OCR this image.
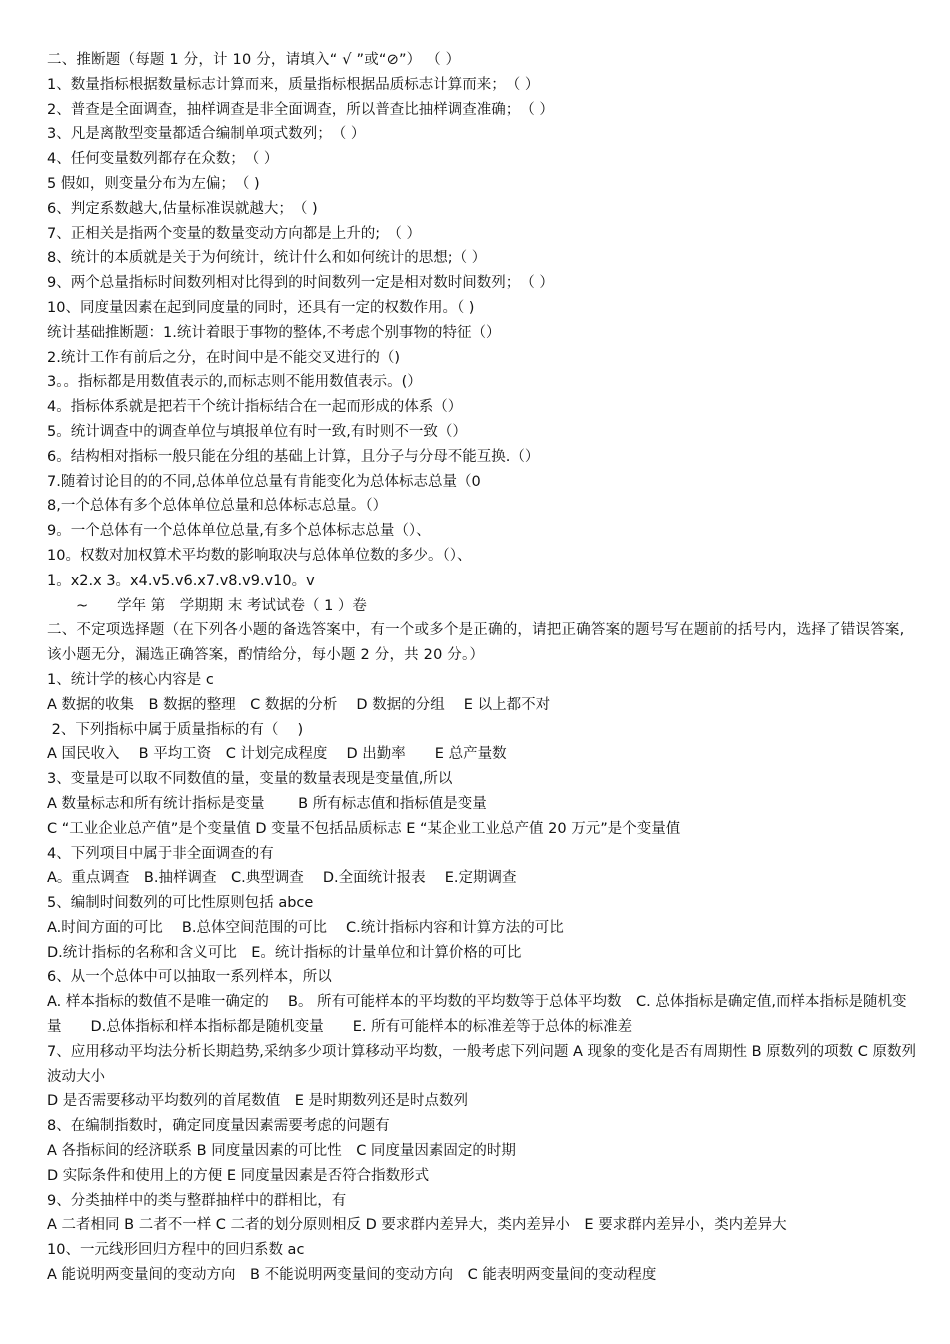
二、推断题（每题 1 分，计 10 分，请填入“ √ ”或“⊘”） （ ）
1、数量指标根据数量标志计算而来，质量指标根据品质标志计算而来；　（ ）
2、普查是全面调查，抽样调查是非全面调查，所以普查比抽样调查准确；　（ ）
3、凡是离散型变量都适合编制单项式数列；　（ ）
4、任何变量数列都存在众数；　（ ）
5 假如，则变量分布为左偏；　（ )
6、判定系数越大,估量标准误就越大；　（ )
7、正相关是指两个变量的数量变动方向都是上升的;　（ ）
8、统计的本质就是关于为何统计，统计什么和如何统计的思想;（ ）
9、两个总量指标时间数列相对比得到的时间数列一定是相对数时间数列；　（ ）
10、同度量因素在起到同度量的同时，还具有一定的权数作用。（ )
统计基础推断题：1.统计着眼于事物的整体,不考虑个别事物的特征（）
2.统计工作有前后之分，在时间中是不能交叉进行的（)
3。。指标都是用数值表示的,而标志则不能用数值表示。(）
4。指标体系就是把若干个统计指标结合在一起而形成的体系（）
5。统计调查中的调查单位与填报单位有时一致,有时则不一致（）
6。结构相对指标一般只能在分组的基础上计算，且分子与分母不能互换.（）
7.随着讨论目的的不同,总体单位总量有肯能变化为总体标志总量（0
8,一个总体有多个总体单位总量和总体标志总量。（）
9。一个总体有一个总体单位总量,有多个总体标志总量（）、
10。权数对加权算术平均数的影响取决与总体单位数的多少。（）、
1。x2.x 3。x4.v5.v6.x7.v8.v9.v10。v
　　~　　学年 第　学期期 末 考试试卷（ 1 ）卷
二、不定项选择题（在下列各小题的备选答案中，有一个或多个是正确的，请把正确答案的题号写在题前的括号内，选择了错误答案,该小题无分，漏选正确答案，酌情给分，每小题 2 分，共 20 分。）
1、统计学的核心内容是 c
A 数据的收集　B 数据的整理　C 数据的分析　 D 数据的分组　 E 以上都不对
2、下列指标中属于质量指标的有（　 )
A 国民收入　 B 平均工资　C 计划完成程度　 D 出勤率　　E 总产量数
3、变量是可以取不同数值的量，变量的数量表现是变量值,所以
A 数量标志和所有统计指标是变量　　 B 所有标志值和指标值是变量
C “工业企业总产值”是个变量值 D 变量不包括品质标志 E “某企业工业总产值 20 万元”是个变量值
4、下列项目中属于非全面调查的有
A。重点调查　B.抽样调查　C.典型调查　 D.全面统计报表　 E.定期调查
5、编制时间数列的可比性原则包括 abce
A.时间方面的可比　 B.总体空间范围的可比　 C.统计指标内容和计算方法的可比
D.统计指标的名称和含义可比　E。统计指标的计量单位和计算价格的可比
6、从一个总体中可以抽取一系列样本，所以
A. 样本指标的数值不是唯一确定的　 B。 所有可能样本的平均数的平均数等于总体平均数　C. 总体指标是确定值,而样本指标是随机变量　　D.总体指标和样本指标都是随机变量　　E. 所有可能样本的标准差等于总体的标准差
7、应用移动平均法分析长期趋势,采纳多少项计算移动平均数，一般考虑下列问题 A 现象的变化是否有周期性 B 原数列的项数 C 原数列波动大小
D 是否需要移动平均数列的首尾数值　E 是时期数列还是时点数列
8、在编制指数时，确定同度量因素需要考虑的问题有
A 各指标间的经济联系 B 同度量因素的可比性　C 同度量因素固定的时期
D 实际条件和使用上的方便 E 同度量因素是否符合指数形式
9、分类抽样中的类与整群抽样中的群相比，有
A 二者相同 B 二者不一样 C 二者的划分原则相反 D 要求群内差异大，类内差异小　E 要求群内差异小，类内差异大
10、一元线形回归方程中的回归系数 ac
A 能说明两变量间的变动方向　B 不能说明两变量间的变动方向　C 能表明两变量间的变动程度
